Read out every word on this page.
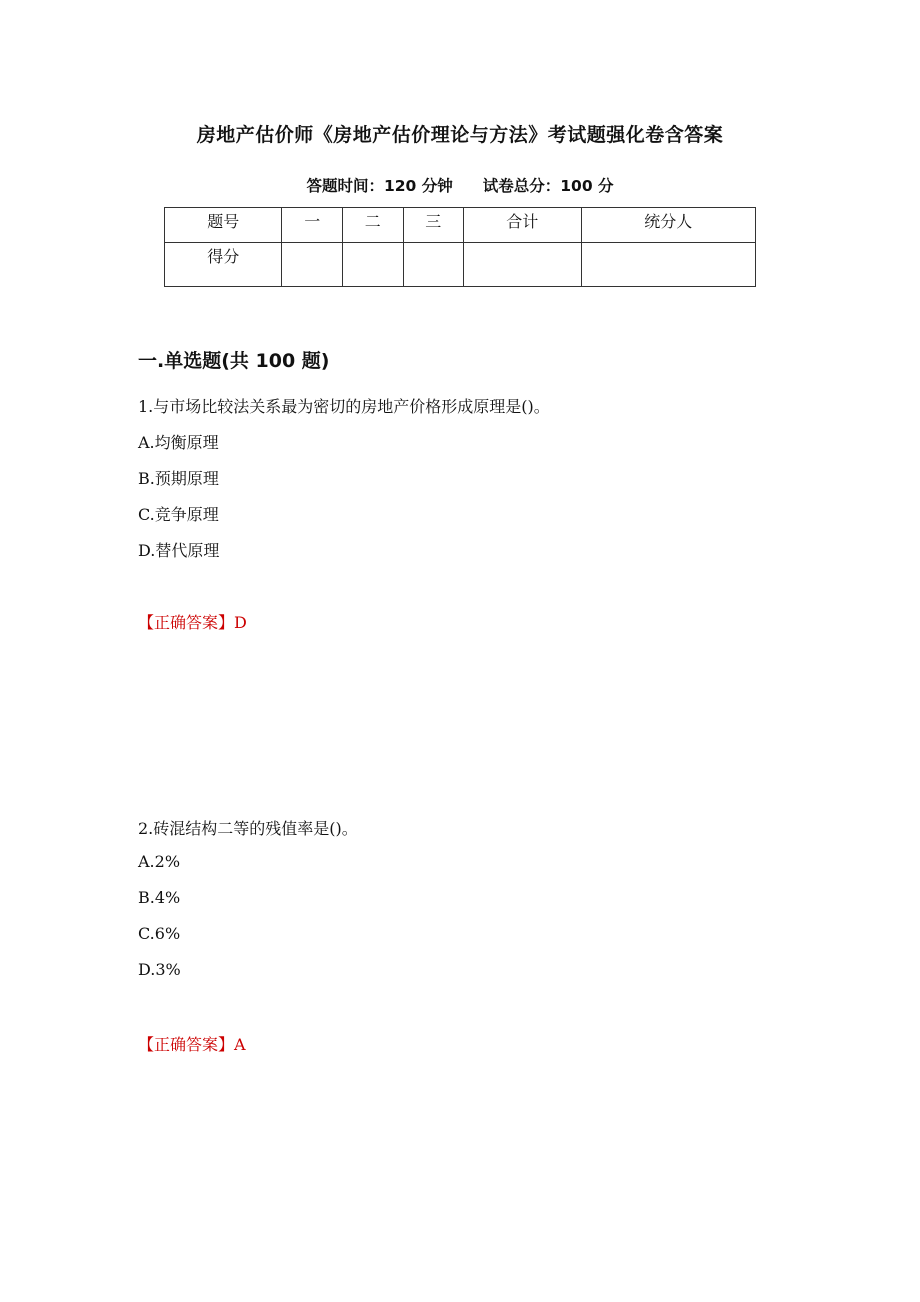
房地产估价师《房地产估价理论与方法》考试题强化卷含答案
答题时间：120 分钟 试卷总分：100 分
题号	一	二	三	合计	统分人
得分					
一.单选题(共 100 题)
1.与市场比较法关系最为密切的房地产价格形成原理是()。
A.均衡原理
B.预期原理
C.竞争原理
D.替代原理
【正确答案】D
2.砖混结构二等的残值率是()。
A.2%
B.4%
C.6%
D.3%
【正确答案】A
